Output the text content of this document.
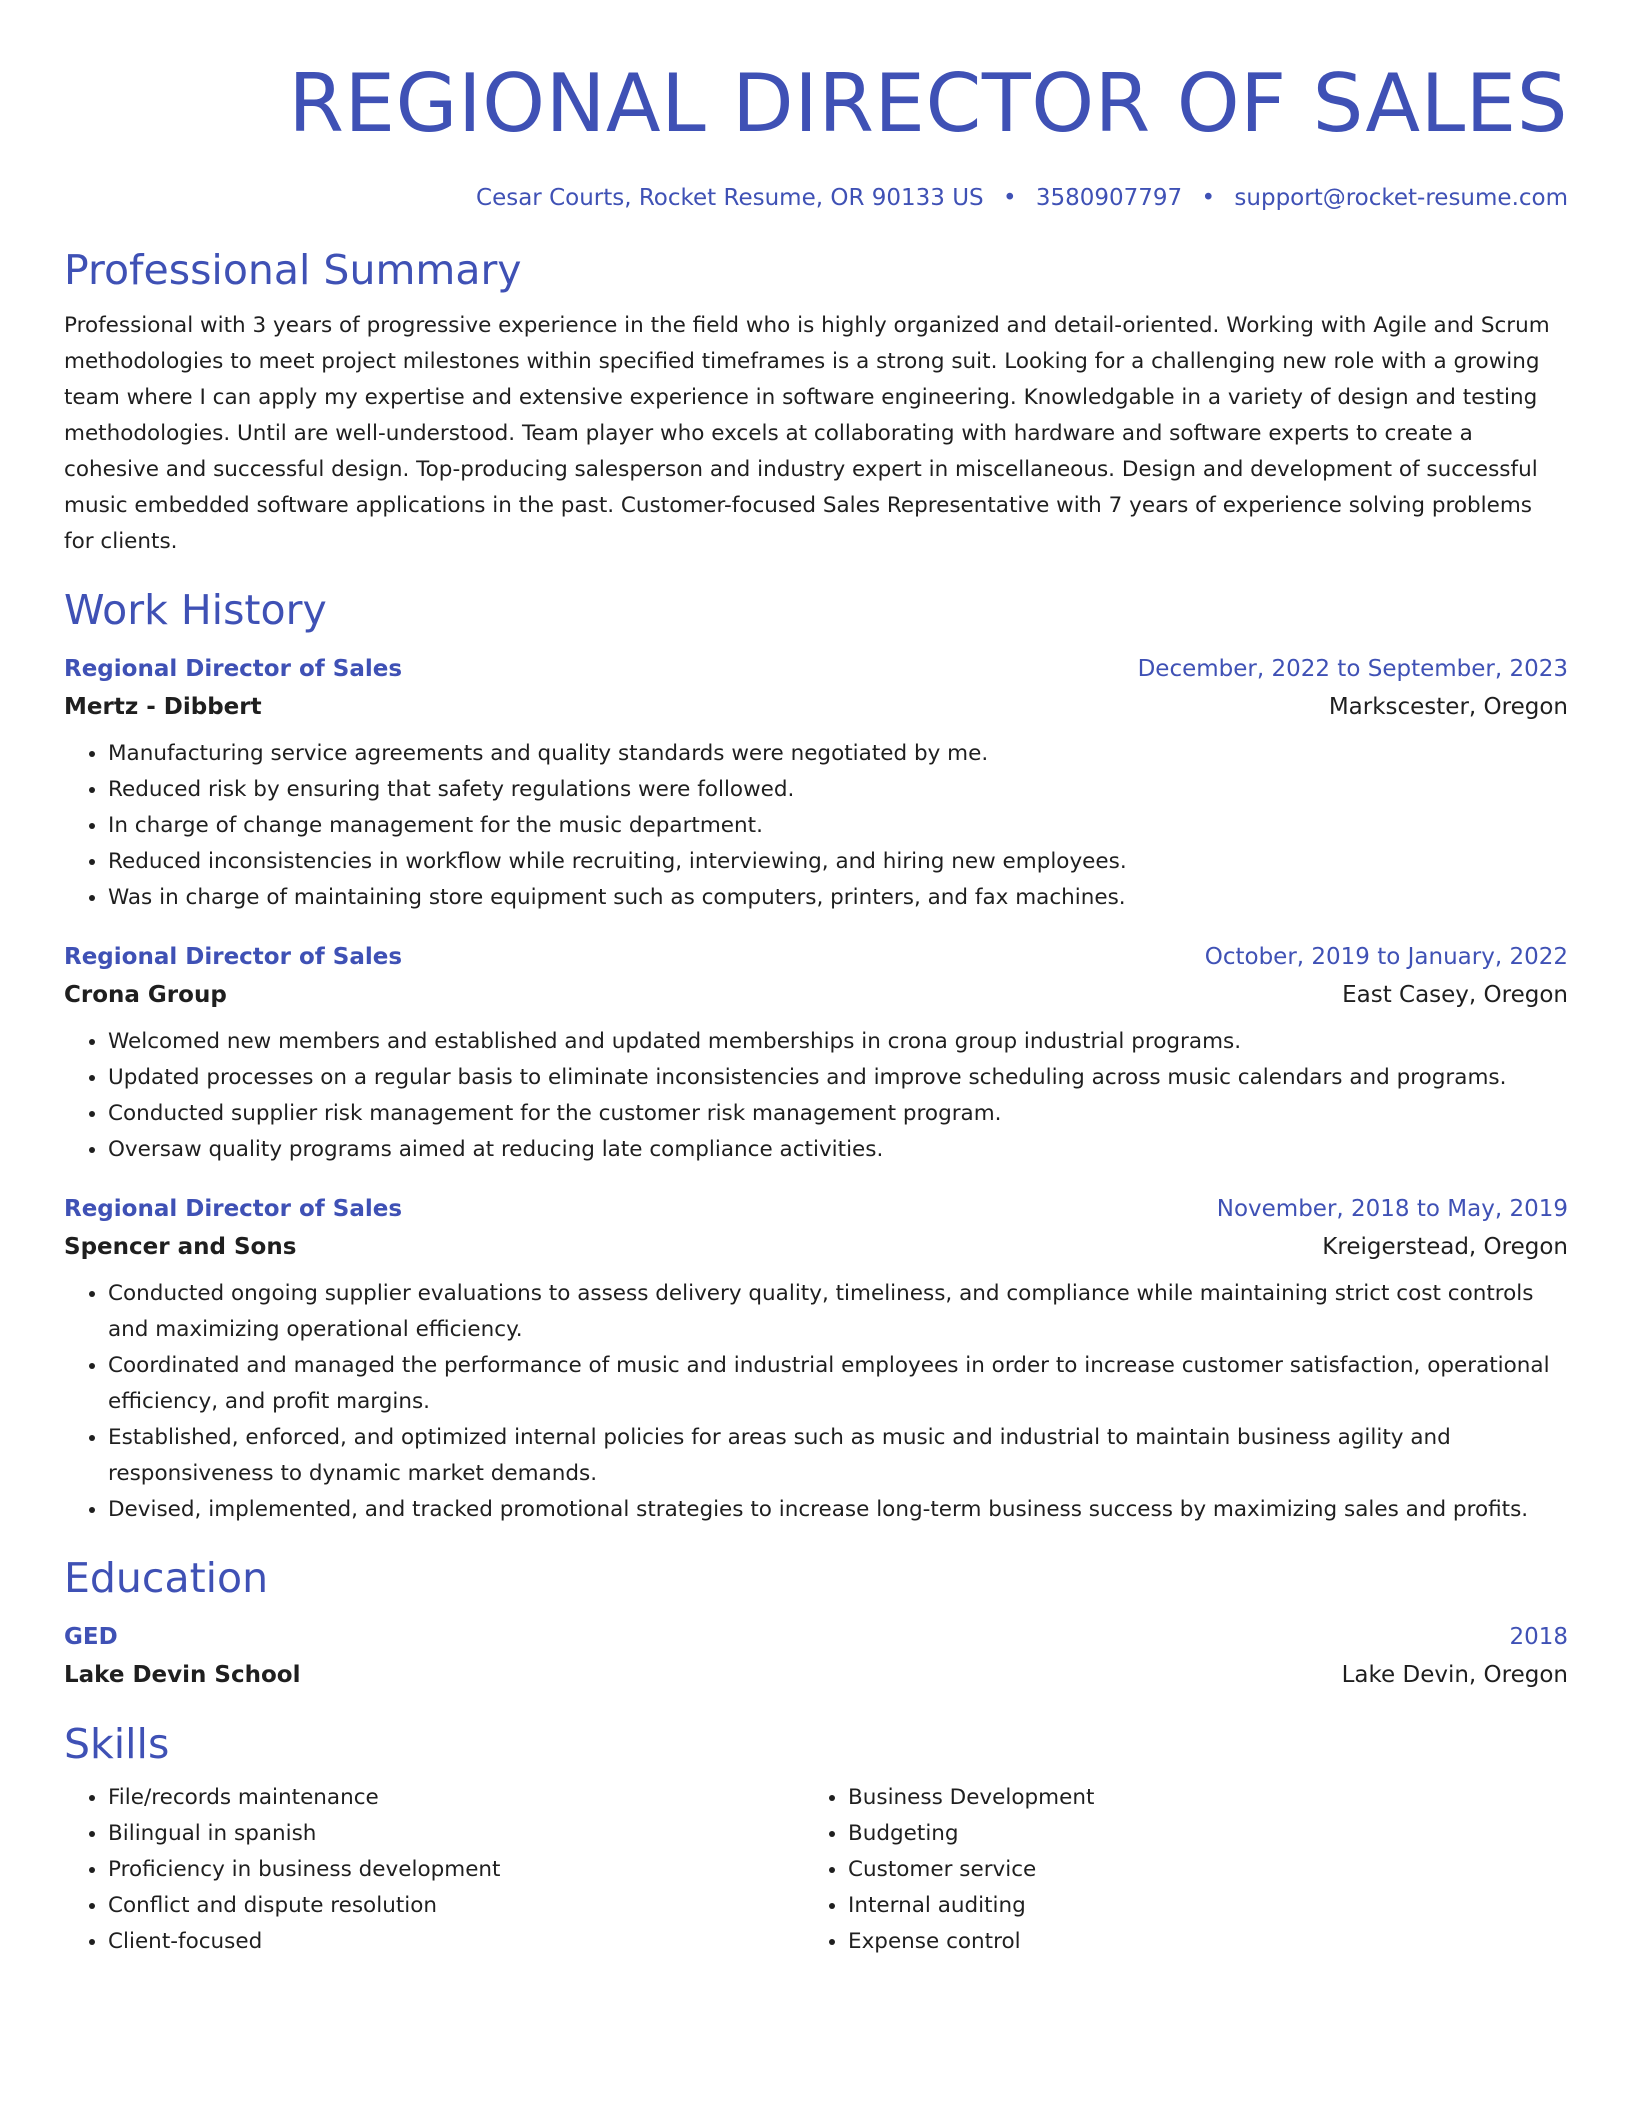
REGIONAL DIRECTOR OF SALES
Cesar Courts, Rocket Resume, OR 90133 US • 3580907797 • support@rocket-resume.com
Professional Summary

Professional with 3 years of progressive experience in the field who is highly organized and detail-oriented. Working with Agile and Scrum methodologies to meet project milestones within specified timeframes is a strong suit. Looking for a challenging new role with a growing team where I can apply my expertise and extensive experience in software engineering. Knowledgable in a variety of design and testing methodologies. Until are well-understood. Team player who excels at collaborating with hardware and software experts to create a cohesive and successful design. Top-producing salesperson and industry expert in miscellaneous. Design and development of successful music embedded software applications in the past. Customer-focused Sales Representative with 7 years of experience solving problems for clients.

Work History
Regional Director of Sales	December, 2022 to September, 2023
Mertz - Dibbert	Markscester, Oregon
• Manufacturing service agreements and quality standards were negotiated by me.
• Reduced risk by ensuring that safety regulations were followed.
• In charge of change management for the music department.
• Reduced inconsistencies in workflow while recruiting, interviewing, and hiring new employees.
• Was in charge of maintaining store equipment such as computers, printers, and fax machines.
Regional Director of Sales	October, 2019 to January, 2022
Crona Group	East Casey, Oregon
• Welcomed new members and established and updated memberships in crona group industrial programs.
• Updated processes on a regular basis to eliminate inconsistencies and improve scheduling across music calendars and programs.
• Conducted supplier risk management for the customer risk management program.
• Oversaw quality programs aimed at reducing late compliance activities.
Regional Director of Sales	November, 2018 to May, 2019
Spencer and Sons	Kreigerstead, Oregon
• Conducted ongoing supplier evaluations to assess delivery quality, timeliness, and compliance while maintaining strict cost controls and maximizing operational efficiency.
• Coordinated and managed the performance of music and industrial employees in order to increase customer satisfaction, operational efficiency, and profit margins.
• Established, enforced, and optimized internal policies for areas such as music and industrial to maintain business agility and responsiveness to dynamic market demands.
• Devised, implemented, and tracked promotional strategies to increase long-term business success by maximizing sales and profits.
Education
GED	2018
Lake Devin School	Lake Devin, Oregon
Skills
• File/records maintenance
• Bilingual in spanish
• Proficiency in business development
• Conflict and dispute resolution
• Client-focused
• Business Development
• Budgeting
• Customer service
• Internal auditing
• Expense control
